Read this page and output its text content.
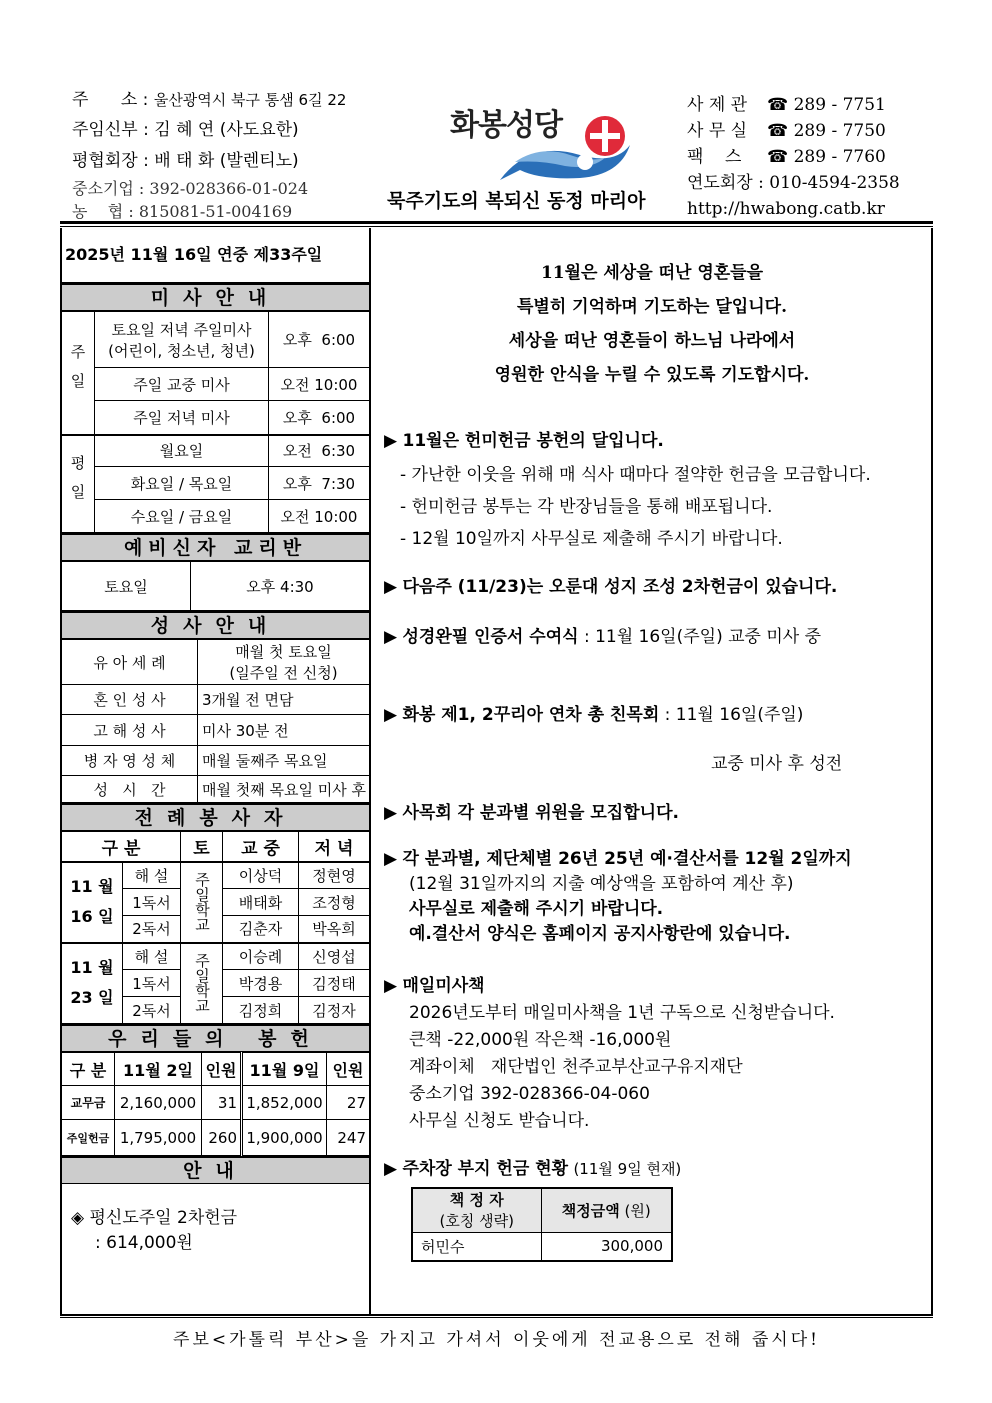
주      소 : 울산광역시 북구 통샘 6길 22
주임신부 : 김 혜 연 (사도요한)
평협회장 : 배 태 화 (발렌티노)
중소기업 : 392-028366-01-024
농    협 : 815081-51-004169
화봉성당
묵주기도의 복되신 동정 마리아
사 제 관 ☎ 289 - 7751
사 무 실 ☎ 289 - 7750
팩    스 ☎ 289 - 7760
연도회장 : 010-4594-2358
http://hwabong.catb.kr
2025년 11월 16일 연중 제33주일
미사안내
주일	토요일 저녁 주일미사
(어린이, 청소년, 청년)	오후  6:00
	주일 교중 미사	오전 10:00
	주일 저녁 미사	오후  6:00
평일	월요일	오전  6:30
	화요일 / 목요일	오후  7:30
	수요일 / 금요일	오전 10:00
예비신자 교리반
토요일	오후 4:30
성사안내
유 아 세 례	매월 첫 토요일
(일주일 전 신청)

혼 인 성 사	3개월 전 면담
고 해 성 사	미사 30분 전
병 자 영 성 체	매월 둘째주 목요일
성   시   간	매월 첫째 목요일 미사 후
전례봉사자
구 분		토	교 중	저 녁

11 월
16 일	해 설	주일학교	이상덕	정현영
	1독서		배태화	조정형
	2독서		김춘자	박옥희

11 월
23 일	해 설	주일학교	이승례	신영섭
	1독서		박경용	김정태
	2독서		김정희	김정자
우리들의 봉헌
구 분	11월 2일	인원	11월 9일	인원
교무금	2,160,000	31	1,852,000	27
주일헌금	1,795,000	260	1,900,000	247
안내
◈ 평신도주일 2차헌금
: 614,000원
11월은 세상을 떠난 영혼들을
특별히 기억하며 기도하는 달입니다.
세상을 떠난 영혼들이 하느님 나라에서
영원한 안식을 누릴 수 있도록 기도합시다.
▶ 11월은 헌미헌금 봉헌의 달입니다.
- 가난한 이웃을 위해 매 식사 때마다 절약한 헌금을 모금합니다.
- 헌미헌금 봉투는 각 반장님들을 통해 배포됩니다.
- 12월 10일까지 사무실로 제출해 주시기 바랍니다.
▶ 다음주 (11/23)는 오룬대 성지 조성 2차헌금이 있습니다.
▶ 성경완필 인증서 수여식 : 11월 16일(주일) 교중 미사 중
▶ 화봉 제1, 2꾸리아 연차 총 친목회 : 11월 16일(주일)
교중 미사 후 성전
▶ 사목회 각 분과별 위원을 모집합니다.
▶ 각 분과별, 제단체별 26년 25년 예·결산서를 12월 2일까지
(12월 31일까지의 지출 예상액을 포함하여 계산 후)
사무실로 제출해 주시기 바랍니다.
예.결산서 양식은 홈페이지 공지사항란에 있습니다.
▶ 매일미사책
2026년도부터 매일미사책을 1년 구독으로 신청받습니다.
큰책 -22,000원 작은책 -16,000원
계좌이체   재단법인 천주교부산교구유지재단
중소기업 392-028366-04-060
사무실 신청도 받습니다.
▶ 주차장 부지 헌금 현황 (11월 9일 현재)
책 정 자
(호칭 생략)	책정금액 (원)
허민수	300,000
주보<가톨릭 부산>을 가지고 가셔서 이웃에게 전교용으로 전해 줍시다!
